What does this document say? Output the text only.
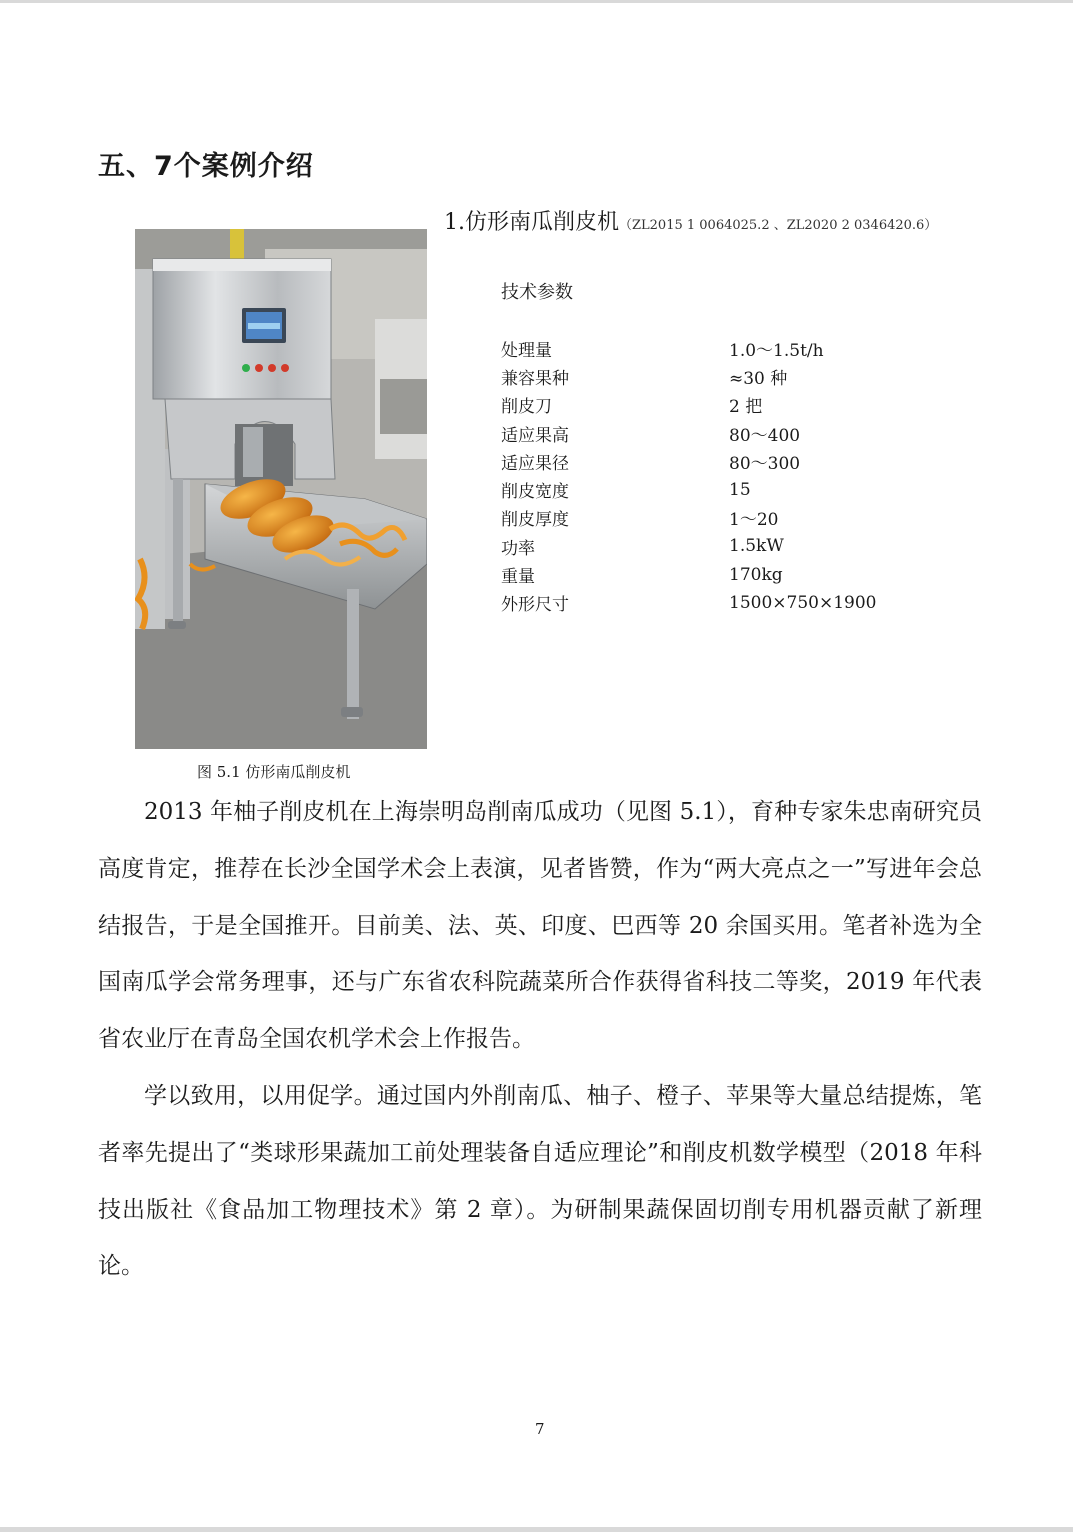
五、7个案例介绍
1.仿形南瓜削皮机（ZL2015 1 0064025.2 、ZL2020 2 0346420.6）
图 5.1 仿形南瓜削皮机
技术参数
处理量	1.0～1.5t/h
兼容果种	≈30 种
削皮刀	2 把
适应果高	80～400
适应果径	80～300
削皮宽度	15
削皮厚度	1～20
功率	1.5kW
重量	170kg
外形尺寸	1500×750×1900

2013 年柚子削皮机在上海崇明岛削南瓜成功（见图 5.1），育种专家朱忠南研究员高度肯定，推荐在长沙全国学术会上表演，见者皆赞，作为“两大亮点之一”写进年会总结报告，于是全国推开。目前美、法、英、印度、巴西等 20 余国买用。笔者补选为全国南瓜学会常务理事，还与广东省农科院蔬菜所合作获得省科技二等奖，2019 年代表省农业厅在青岛全国农机学术会上作报告。

学以致用，以用促学。通过国内外削南瓜、柚子、橙子、苹果等大量总结提炼，笔者率先提出了“类球形果蔬加工前处理装备自适应理论”和削皮机数学模型（2018 年科技出版社《食品加工物理技术》第 2 章）。为研制果蔬保固切削专用机器贡献了新理论。

7
